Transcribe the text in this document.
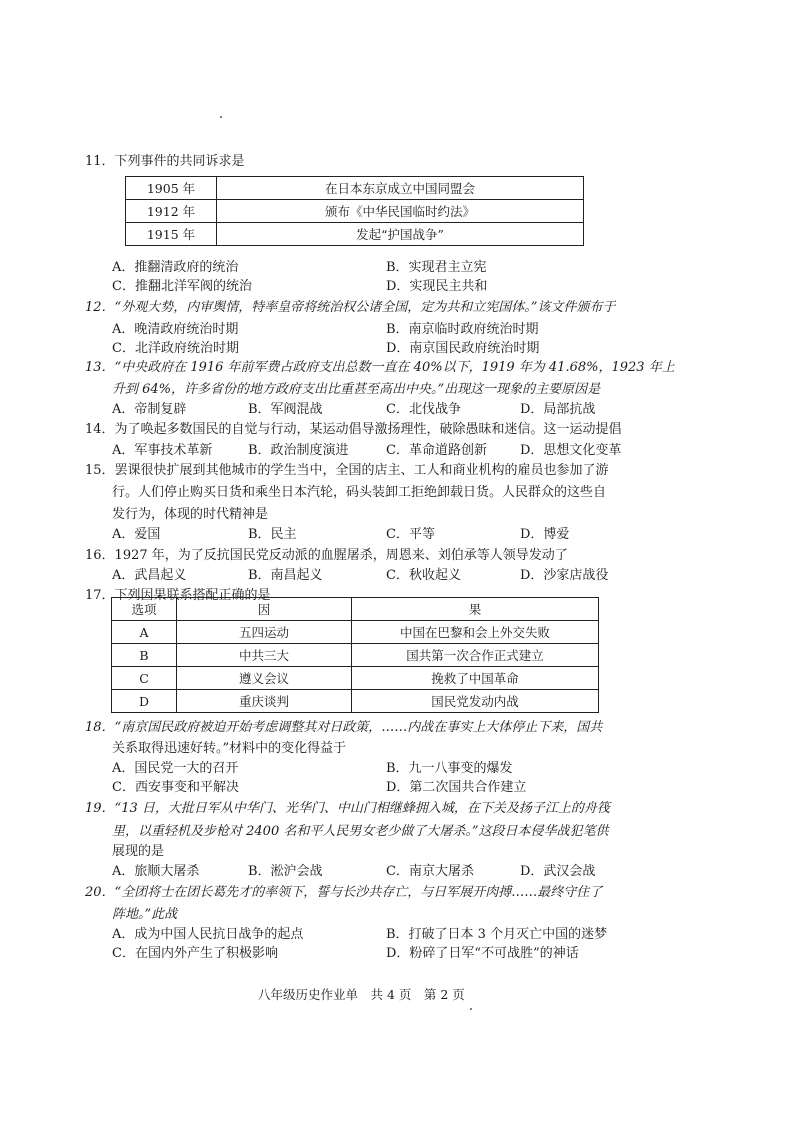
11．下列事件的共同诉求是
1905 年	在日本东京成立中国同盟会
1912 年	颁布《中华民国临时约法》
1915 年	发起“护国战争”
A．推翻清政府的统治	B．实现君主立宪
C．推翻北洋军阀的统治	D．实现民主共和
12．“外观大势，内审舆情，特率皇帝将统治权公诸全国，定为共和立宪国体。”该文件颁布于
A．晚清政府统治时期	B．南京临时政府统治时期
C．北洋政府统治时期	D．南京国民政府统治时期
13．“中央政府在 1916 年前军费占政府支出总数一直在 40%以下，1919 年为 41.68%，1923 年上
升到 64%，许多省份的地方政府支出比重甚至高出中央。”出现这一现象的主要原因是
A．帝制复辟	B．军阀混战	C．北伐战争	D．局部抗战
14．为了唤起多数国民的自觉与行动，某运动倡导激扬理性，破除愚昧和迷信。这一运动提倡
A．军事技术革新	B．政治制度演进	C．革命道路创新	D．思想文化变革
15．罢课很快扩展到其他城市的学生当中，全国的店主、工人和商业机构的雇员也参加了游
行。人们停止购买日货和乘坐日本汽轮，码头装卸工拒绝卸载日货。人民群众的这些自
发行为，体现的时代精神是
A．爱国	B．民主	C．平等	D．博爱
16．1927 年，为了反抗国民党反动派的血腥屠杀，周恩来、刘伯承等人领导发动了
A．武昌起义	B．南昌起义	C．秋收起义	D．沙家店战役
17．下列因果联系搭配正确的是
选项	因	果
A	五四运动	中国在巴黎和会上外交失败
B	中共三大	国共第一次合作正式建立
C	遵义会议	挽救了中国革命
D	重庆谈判	国民党发动内战
18．“南京国民政府被迫开始考虑调整其对日政策，……内战在事实上大体停止下来，国共
关系取得迅速好转。”材料中的变化得益于
A．国民党一大的召开	B．九一八事变的爆发
C．西安事变和平解决	D．第二次国共合作建立
19．“13 日，大批日军从中华门、光华门、中山门相继蜂拥入城，在下关及扬子江上的舟筏
里，以重轻机及步枪对 2400 名和平人民男女老少做了大屠杀。”这段日本侵华战犯笔供
展现的是
A．旅顺大屠杀	B．淞沪会战	C．南京大屠杀	D．武汉会战
20．“全团将士在团长葛先才的率领下，誓与长沙共存亡，与日军展开肉搏……最终守住了
阵地。”此战
A．成为中国人民抗日战争的起点	B．打破了日本 3 个月灭亡中国的迷梦
C．在国内外产生了积极影响	D．粉碎了日军“不可战胜”的神话
八年级历史作业单　共 4 页　第 2 页
